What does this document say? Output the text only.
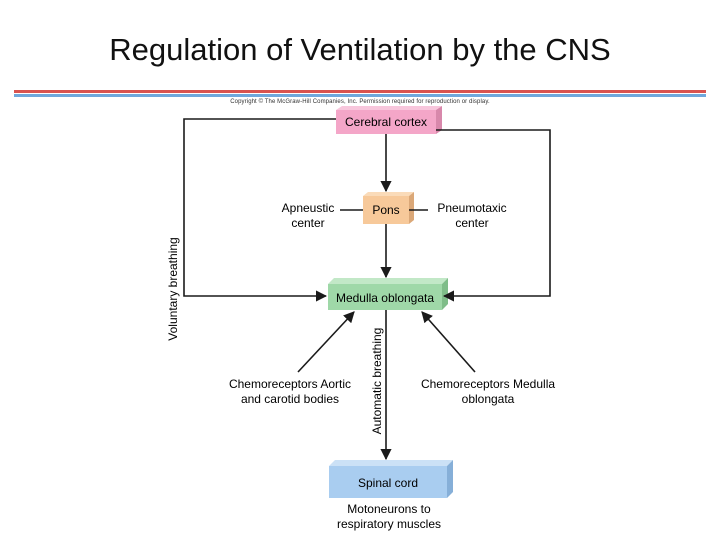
Regulation of Ventilation by the CNS
Copyright © The McGraw-Hill Companies, Inc. Permission required for reproduction or display.
Cerebral cortex
Pons
Medulla oblongata
Spinal cord
Apneustic center
Pneumotaxic center
Chemoreceptors Aortic and carotid bodies
Chemoreceptors Medulla oblongata
Motoneurons to respiratory muscles
Voluntary breathing
Automatic breathing
